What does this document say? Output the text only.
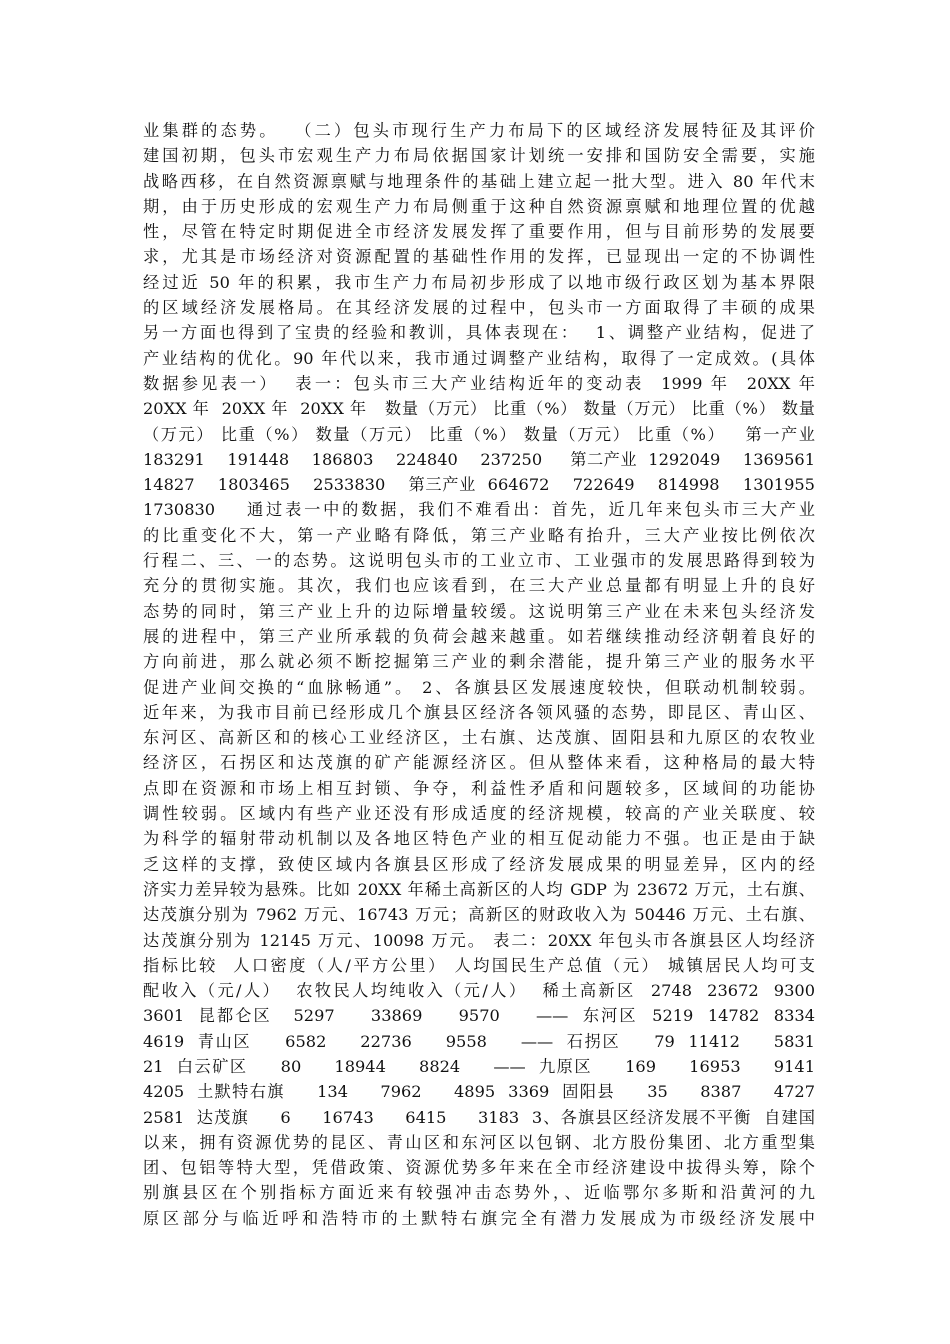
业集群的态势。  （二）包头市现行生产力布局下的区域经济发展特征及其评价
建国初期，包头市宏观生产力布局依据国家计划统一安排和国防安全需要，实施
战略西移，在自然资源禀赋与地理条件的基础上建立起一批大型。进入 80 年代末
期，由于历史形成的宏观生产力布局侧重于这种自然资源禀赋和地理位置的优越
性，尽管在特定时期促进全市经济发展发挥了重要作用，但与目前形势的发展要
求，尤其是市场经济对资源配置的基础性作用的发挥，已显现出一定的不协调性
经过近 50 年的积累，我市生产力布局初步形成了以地市级行政区划为基本界限
的区域经济发展格局。在其经济发展的过程中，包头市一方面取得了丰硕的成果
另一方面也得到了宝贵的经验和教训，具体表现在：  1、调整产业结构，促进了
产业结构的优化。90 年代以来，我市通过调整产业结构，取得了一定成效。(具体
数据参见表一）  表一：包头市三大产业结构近年的变动表  1999 年  20XX 年
20XX 年  20XX 年  20XX 年   数量（万元） 比重（%） 数量（万元） 比重（%） 数量
（万元） 比重（%） 数量（万元） 比重（%） 数量（万元） 比重（%）   第一产业
183291    191448    186803    224840    237250     第二产业  1292049    1369561
14827    1803465    2533830    第三产业  664672    722649    814998    1301955
1730830    通过表一中的数据，我们不难看出：首先，近几年来包头市三大产业
的比重变化不大，第一产业略有降低，第三产业略有抬升，三大产业按比例依次
行程二、三、一的态势。这说明包头市的工业立市、工业强市的发展思路得到较为
充分的贯彻实施。其次，我们也应该看到，在三大产业总量都有明显上升的良好
态势的同时，第三产业上升的边际增量较缓。这说明第三产业在未来包头经济发
展的进程中，第三产业所承载的负荷会越来越重。如若继续推动经济朝着良好的
方向前进，那么就必须不断挖掘第三产业的剩余潜能，提升第三产业的服务水平
促进产业间交换的“血脉畅通”。 2、各旗县区发展速度较快，但联动机制较弱。
近年来，为我市目前已经形成几个旗县区经济各领风骚的态势，即昆区、青山区、
东河区、高新区和的核心工业经济区，土右旗、达茂旗、固阳县和九原区的农牧业
经济区，石拐区和达茂旗的矿产能源经济区。但从整体来看，这种格局的最大特
点即在资源和市场上相互封锁、争夺，利益性矛盾和问题较多，区域间的功能协
调性较弱。区域内有些产业还没有形成适度的经济规模，较高的产业关联度、较
为科学的辐射带动机制以及各地区特色产业的相互促动能力不强。也正是由于缺
乏这样的支撑，致使区域内各旗县区形成了经济发展成果的明显差异，区内的经
济实力差异较为悬殊。比如 20XX 年稀土高新区的人均 GDP 为 23672 万元，土右旗、
达茂旗分别为 7962 万元、16743 万元；高新区的财政收入为 50446 万元、土右旗、
达茂旗分别为 12145 万元、10098 万元。 表二：20XX 年包头市各旗县区人均经济
指标比较  人口密度（人/平方公里） 人均国民生产总值（元） 城镇居民人均可支
配收入（元/人）  农牧民人均纯收入（元/人）  稀土高新区  2748  23672  9300
3601  昆都仑区   5297     33869     9570     ——  东河区  5219  14782  8334
4619  青山区     6582     22736     9558     ——  石拐区     79  11412     5831
21  白云矿区     80     18944     8824     ——  九原区     169     16953     9141
4205  土默特右旗     134     7962     4895  3369  固阳县     35     8387     4727
2581  达茂旗     6     16743     6415     3183  3、各旗县区经济发展不平衡  自建国
以来，拥有资源优势的昆区、青山区和东河区以包钢、北方股份集团、北方重型集
团、包铝等特大型，凭借政策、资源优势多年来在全市经济建设中拔得头筹，除个
别旗县区在个别指标方面近来有较强冲击态势外，、近临鄂尔多斯和沿黄河的九
原区部分与临近呼和浩特市的土默特右旗完全有潜力发展成为市级经济发展中
